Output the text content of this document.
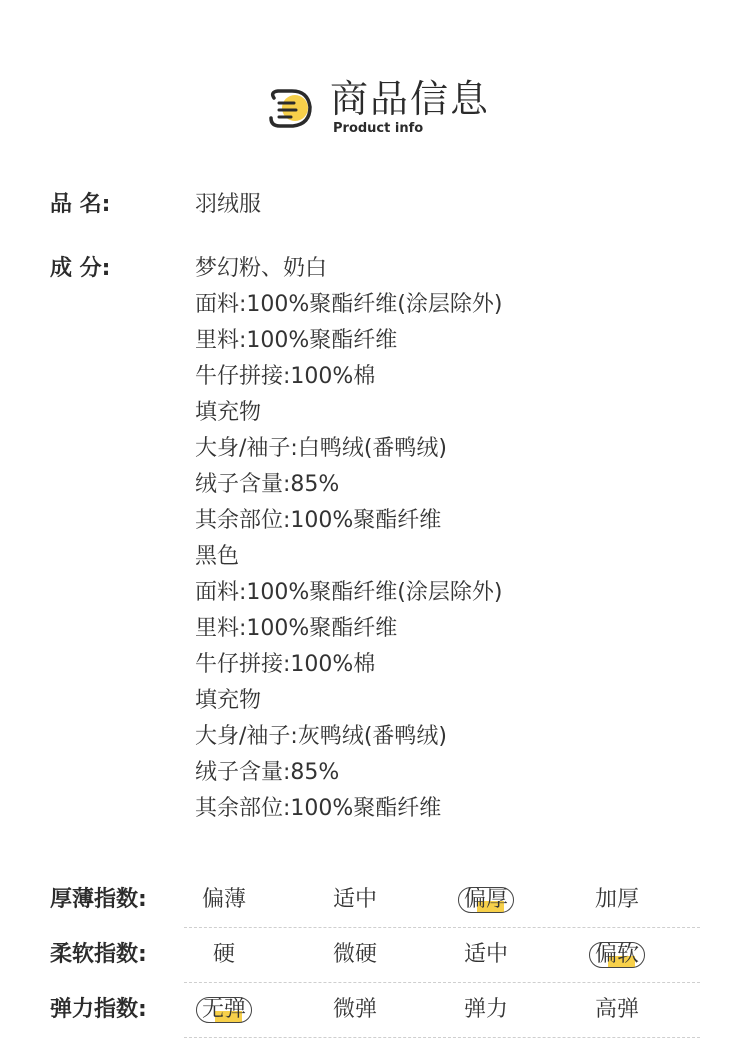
商品信息
Product info
品 名:	羽绒服
成 分:	梦幻粉、奶白
面料:100%聚酯纤维(涂层除外)
里料:100%聚酯纤维
牛仔拼接:100%棉
填充物
大身/袖子:白鸭绒(番鸭绒)
绒子含量:85%
其余部位:100%聚酯纤维
黑色
面料:100%聚酯纤维(涂层除外)
里料:100%聚酯纤维
牛仔拼接:100%棉
填充物
大身/袖子:灰鸭绒(番鸭绒)
绒子含量:85%
其余部位:100%聚酯纤维
厚薄指数:	偏薄	适中	偏厚	加厚
柔软指数:	硬	微硬	适中	偏软
弹力指数:	无弹	微弹	弹力	高弹
